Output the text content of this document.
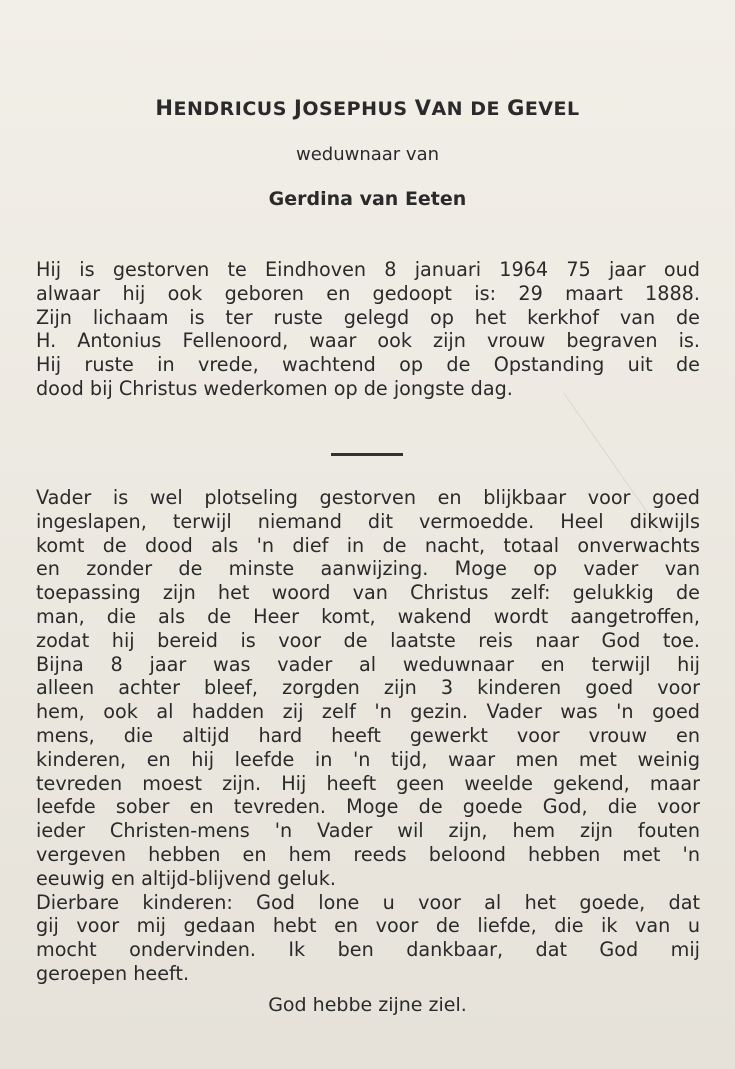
HENDRICUS JOSEPHUS VAN DE GEVEL
weduwnaar van
Gerdina van Eeten
Hij is gestorven te Eindhoven 8 januari 1964 75 jaar oud
alwaar hij ook geboren en gedoopt is: 29 maart 1888.
Zijn lichaam is ter ruste gelegd op het kerkhof van de
H. Antonius Fellenoord, waar ook zijn vrouw begraven is.
Hij ruste in vrede, wachtend op de Opstanding uit de
dood bij Christus wederkomen op de jongste dag.
Vader is wel plotseling gestorven en blijkbaar voor goed
ingeslapen, terwijl niemand dit vermoedde. Heel dikwijls
komt de dood als 'n dief in de nacht, totaal onverwachts
en zonder de minste aanwijzing. Moge op vader van
toepassing zijn het woord van Christus zelf: gelukkig de
man, die als de Heer komt, wakend wordt aangetroffen,
zodat hij bereid is voor de laatste reis naar God toe.
Bijna 8 jaar was vader al weduwnaar en terwijl hij
alleen achter bleef, zorgden zijn 3 kinderen goed voor
hem, ook al hadden zij zelf 'n gezin. Vader was 'n goed
mens, die altijd hard heeft gewerkt voor vrouw en
kinderen, en hij leefde in 'n tijd, waar men met weinig
tevreden moest zijn. Hij heeft geen weelde gekend, maar
leefde sober en tevreden. Moge de goede God, die voor
ieder Christen-mens 'n Vader wil zijn, hem zijn fouten
vergeven hebben en hem reeds beloond hebben met 'n
eeuwig en altijd-blijvend geluk.
Dierbare kinderen: God lone u voor al het goede, dat
gij voor mij gedaan hebt en voor de liefde, die ik van u
mocht ondervinden. Ik ben dankbaar, dat God mij
geroepen heeft.
God hebbe zijne ziel.
